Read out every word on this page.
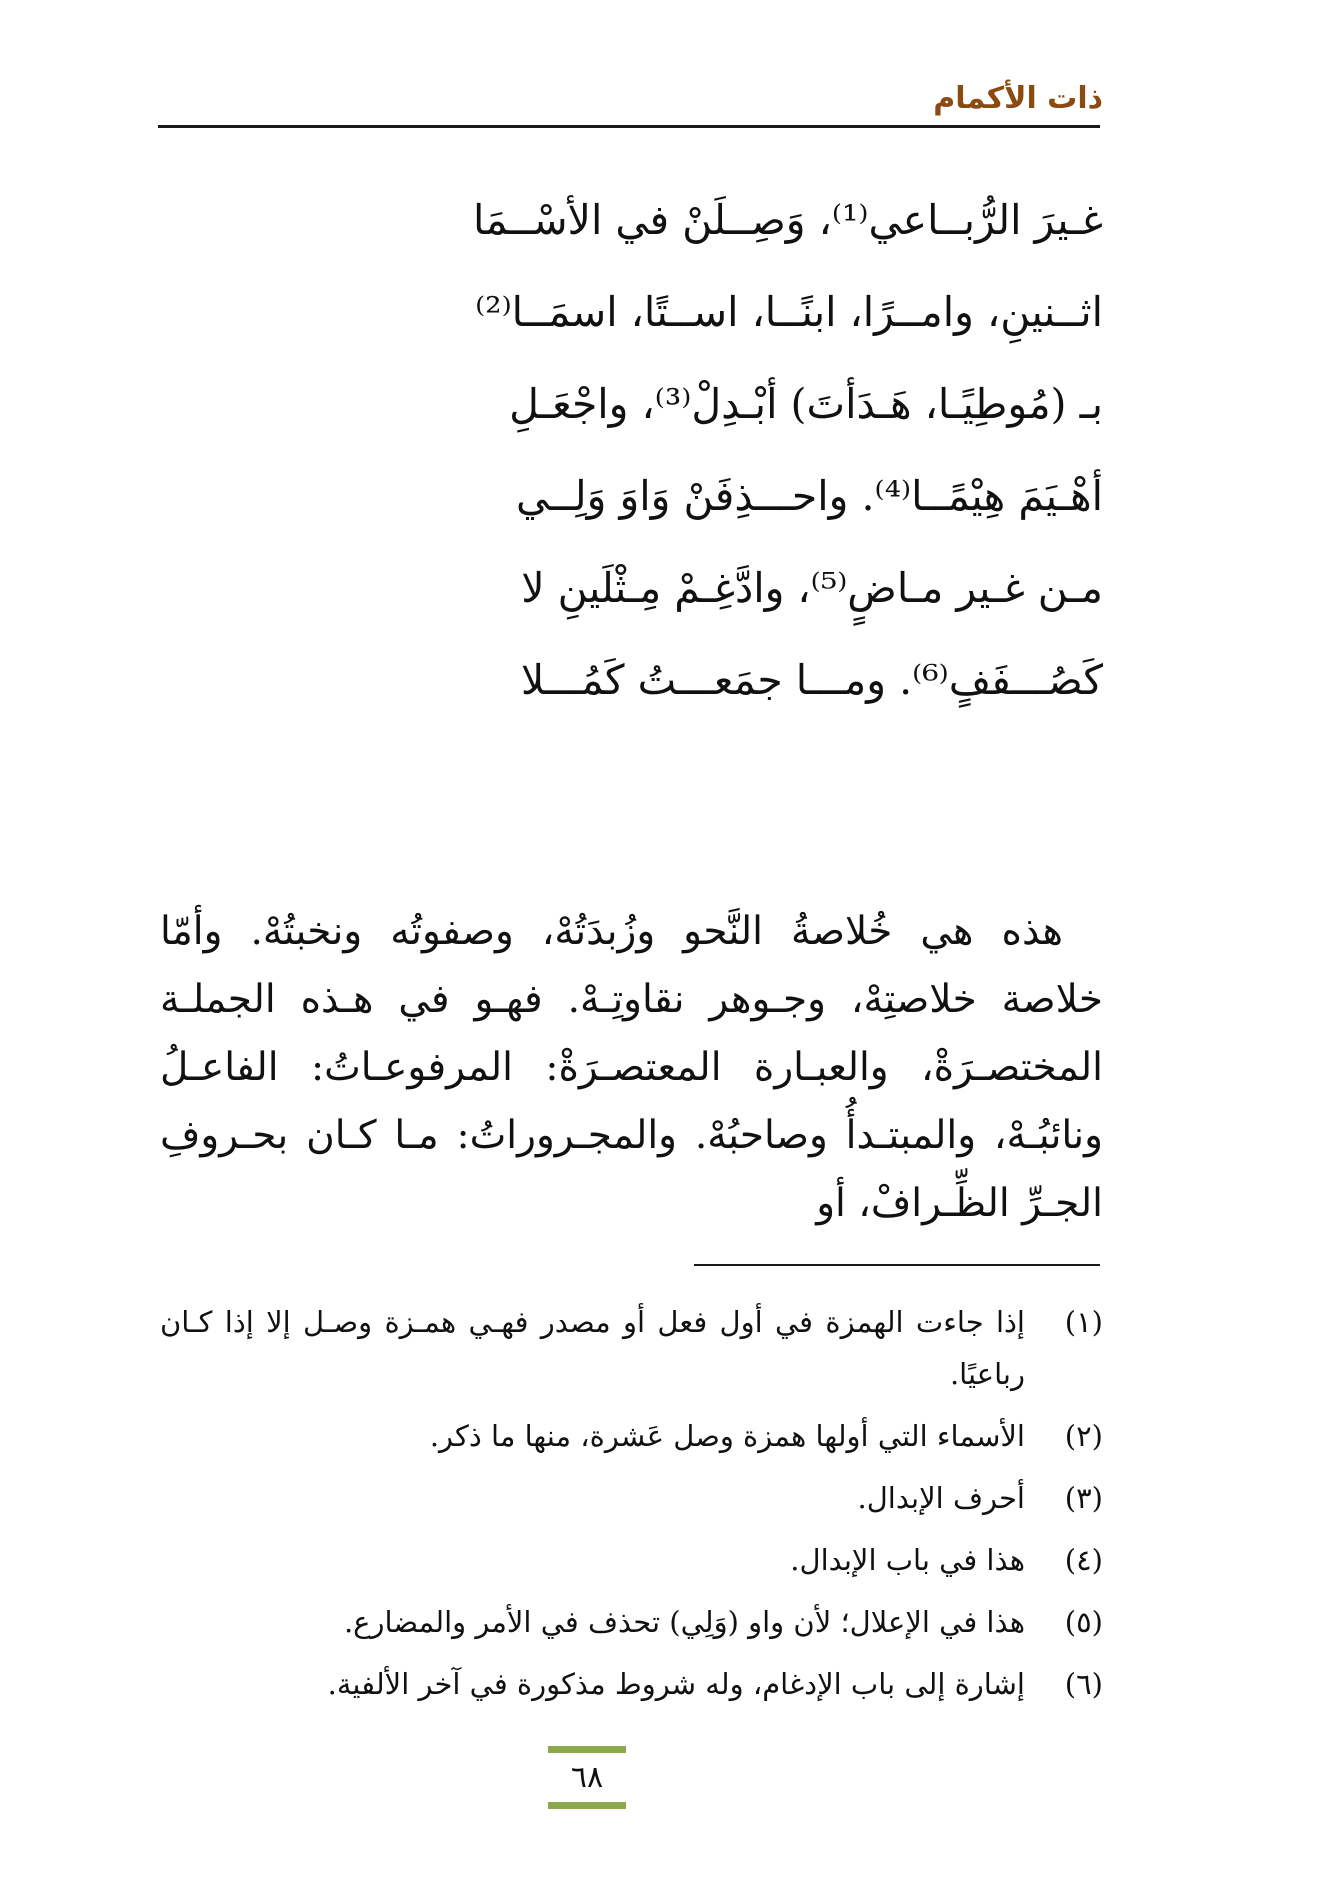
ذات الأكمام
غـيرَ الرُّبــاعي⁽¹⁾، وَصِــلَنْ في الأسْــمَا
اثــنينِ، وامــرًا، ابنًــا، اســتًا، اسمَــا⁽²⁾
بـ (مُوطِيًـا، هَـدَأتَ) أبْـدِلْ⁽³⁾، واجْعَـلِ
أهْـيَمَ هِيْمًــا⁽⁴⁾. واحـــذِفَنْ وَاوَ وَلِــي
مـن غـير مـاضٍ⁽⁵⁾، وادَّغِـمْ مِـثْلَينِ لا
كَصُـــفَفٍ⁽⁶⁾. ومـــا جمَعـــتُ كَمُـــلا
هذه هي خُلاصةُ النَّحو وزُبدَتُهْ، وصفوتُه ونخبتُهْ. وأمّا خلاصة خلاصتِهْ، وجـوهر نقاوتِـهْ. فهـو في هـذه الجملـة المختصـرَةْ، والعبـارة المعتصـرَةْ: المرفوعـاتُ: الفاعـلُ ونائبُـهْ، والمبتـدأُ وصاحبُهْ. والمجـروراتُ: مـا كـان بحـروفِ الجـرِّ الظِّـرافْ، أو
(١)
إذا جاءت الهمزة في أول فعل أو مصدر فهـي همـزة وصـل إلا إذا كـان رباعيًا.
(٢)
الأسماء التي أولها همزة وصل عَشرة، منها ما ذكر.
(٣)
أحرف الإبدال.
(٤)
هذا في باب الإبدال.
(٥)
هذا في الإعلال؛ لأن واو (وَلِي) تحذف في الأمر والمضارع.
(٦)
إشارة إلى باب الإدغام، وله شروط مذكورة في آخر الألفية.
٦٨
